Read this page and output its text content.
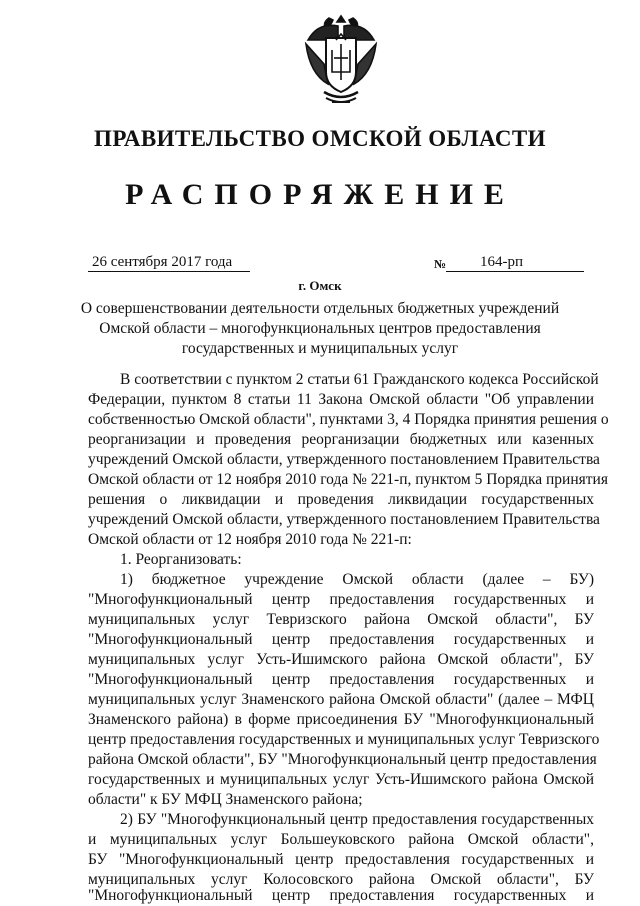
ПРАВИТЕЛЬСТВО ОМСКОЙ ОБЛАСТИ
РАСПОРЯЖЕНИЕ
26 сентября 2017 года	№	164-рп
г. Омск
О совершенствовании деятельности отдельных бюджетных учреждений
Омской области – многофункциональных центров предоставления
государственных и муниципальных услуг
В соответствии с пунктом 2 статьи 61 Гражданского кодекса Российской
Федерации, пунктом 8 статьи 11 Закона Омской области "Об управлении
собственностью Омской области", пунктами 3, 4 Порядка принятия решения о
реорганизации и проведения реорганизации бюджетных или казенных
учреждений Омской области, утвержденного постановлением Правительства
Омской области от 12 ноября 2010 года № 221-п, пунктом 5 Порядка принятия
решения о ликвидации и проведения ликвидации государственных
учреждений Омской области, утвержденного постановлением Правительства
Омской области от 12 ноября 2010 года № 221-п:
1. Реорганизовать:
1) бюджетное учреждение Омской области (далее – БУ)
"Многофункциональный центр предоставления государственных и
муниципальных услуг Тевризского района Омской области", БУ
"Многофункциональный центр предоставления государственных и
муниципальных услуг Усть-Ишимского района Омской области", БУ
"Многофункциональный центр предоставления государственных и
муниципальных услуг Знаменского района Омской области" (далее – МФЦ
Знаменского района) в форме присоединения БУ "Многофункциональный
центр предоставления государственных и муниципальных услуг Тевризского
района Омской области", БУ "Многофункциональный центр предоставления
государственных и муниципальных услуг Усть-Ишимского района Омской
области" к БУ МФЦ Знаменского района;
2) БУ "Многофункциональный центр предоставления государственных
и муниципальных услуг Большеуковского района Омской области",
БУ "Многофункциональный центр предоставления государственных и
муниципальных услуг Колосовского района Омской области", БУ
"Многофункциональный центр предоставления государственных и
